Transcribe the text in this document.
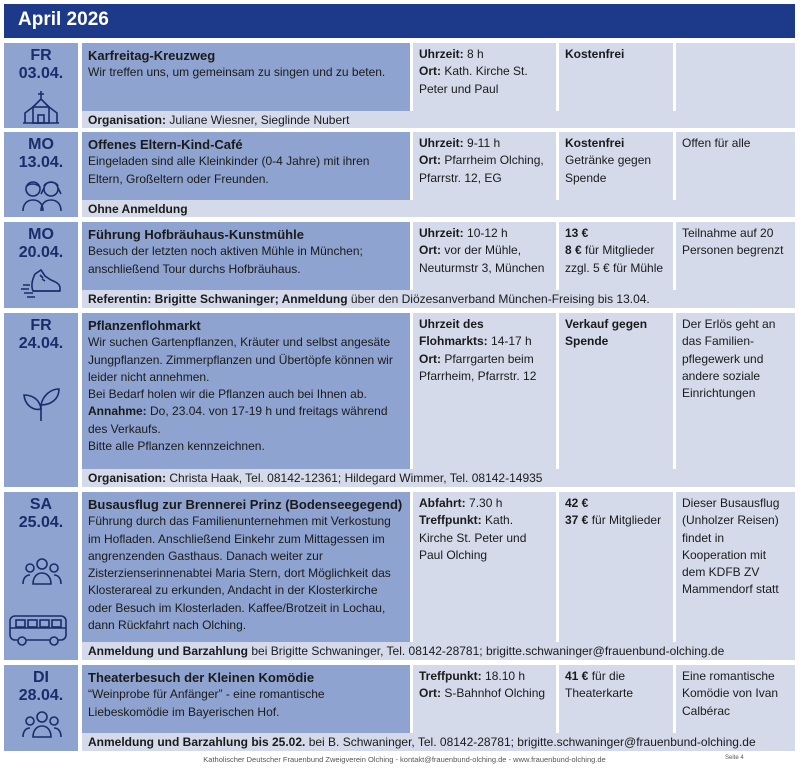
April 2026
FR
03.04.
Karfreitag-Kreuzweg

Wir treffen uns, um gemeinsam zu singen und zu beten.

Uhrzeit: 8 h

Ort: Kath. Kirche St. Peter und Paul

Kostenfrei
Organisation: Juliane Wiesner, Sieglinde Nubert
MO
13.04.
Offenes Eltern-Kind-Café

Eingeladen sind alle Kleinkinder (0-4 Jahre) mit ihren Eltern, Großeltern oder Freunden.

Uhrzeit: 9-11 h

Ort: Pfarrheim Olching, Pfarrstr. 12, EG

Kostenfrei

Getränke gegen Spende

Offen für alle

Ohne Anmeldung
MO
20.04.
Führung Hofbräuhaus-Kunstmühle

Besuch der letzten noch aktiven Mühle in München; anschließend Tour durchs Hofbräuhaus.

Uhrzeit: 10-12 h

Ort: vor der Mühle, Neuturmstr 3, München

13 €

8 € für Mitglieder zzgl. 5 € für Mühle

Teilnahme auf 20 Personen begrenzt

Referentin: Brigitte Schwaninger; Anmeldung über den Diözesanverband München-Freising bis 13.04.
FR
24.04.
Pflanzenflohmarkt

Wir suchen Gartenpflanzen, Kräuter und selbst angesäte Jungpflanzen. Zimmerpflanzen und Übertöpfe können wir leider nicht annehmen.

Bei Bedarf holen wir die Pflanzen auch bei Ihnen ab.

Annahme: Do, 23.04. von 17-19 h und freitags während des Verkaufs.

Bitte alle Pflanzen kennzeichnen.

Uhrzeit des Flohmarkts: 14-17 h

Ort: Pfarrgarten beim Pfarrheim, Pfarrstr. 12

Verkauf gegen Spende

Der Erlös geht an das Familien-pflegewerk und andere soziale Einrichtungen

Organisation: Christa Haak, Tel. 08142-12361; Hildegard Wimmer, Tel. 08142-14935
SA
25.04.
Busausflug zur Brennerei Prinz (Bodenseegegend)

Führung durch das Familienunternehmen mit Verkostung im Hofladen. Anschließend Einkehr zum Mittagessen im angrenzenden Gasthaus. Danach weiter zur Zisterzienserinnenabtei Maria Stern, dort Möglichkeit das Klosterareal zu erkunden, Andacht in der Klosterkirche oder Besuch im Klosterladen. Kaffee/Brotzeit in Lochau, dann Rückfahrt nach Olching.

Abfahrt: 7.30 h

Treffpunkt: Kath. Kirche St. Peter und Paul Olching

42 €

37 € für Mitglieder

Dieser Busausflug (Unholzer Reisen) findet in Kooperation mit dem KDFB ZV Mammendorf statt

Anmeldung und Barzahlung bei Brigitte Schwaninger, Tel. 08142-28781; brigitte.schwaninger@frauenbund-olching.de
DI
28.04.
Theaterbesuch der Kleinen Komödie

“Weinprobe für Anfänger” - eine romantische Liebeskomödie im Bayerischen Hof.

Treffpunkt: 18.10 h

Ort: S-Bahnhof Olching

41 € für die Theaterkarte

Eine romantische Komödie von Ivan Calbérac

Anmeldung und Barzahlung bis 25.02. bei B. Schwaninger, Tel. 08142-28781; brigitte.schwaninger@frauenbund-olching.de
Katholischer Deutscher Frauenbund Zweigverein Olching - kontakt@frauenbund-olching.de - www.frauenbund-olching.de	Seite 4
